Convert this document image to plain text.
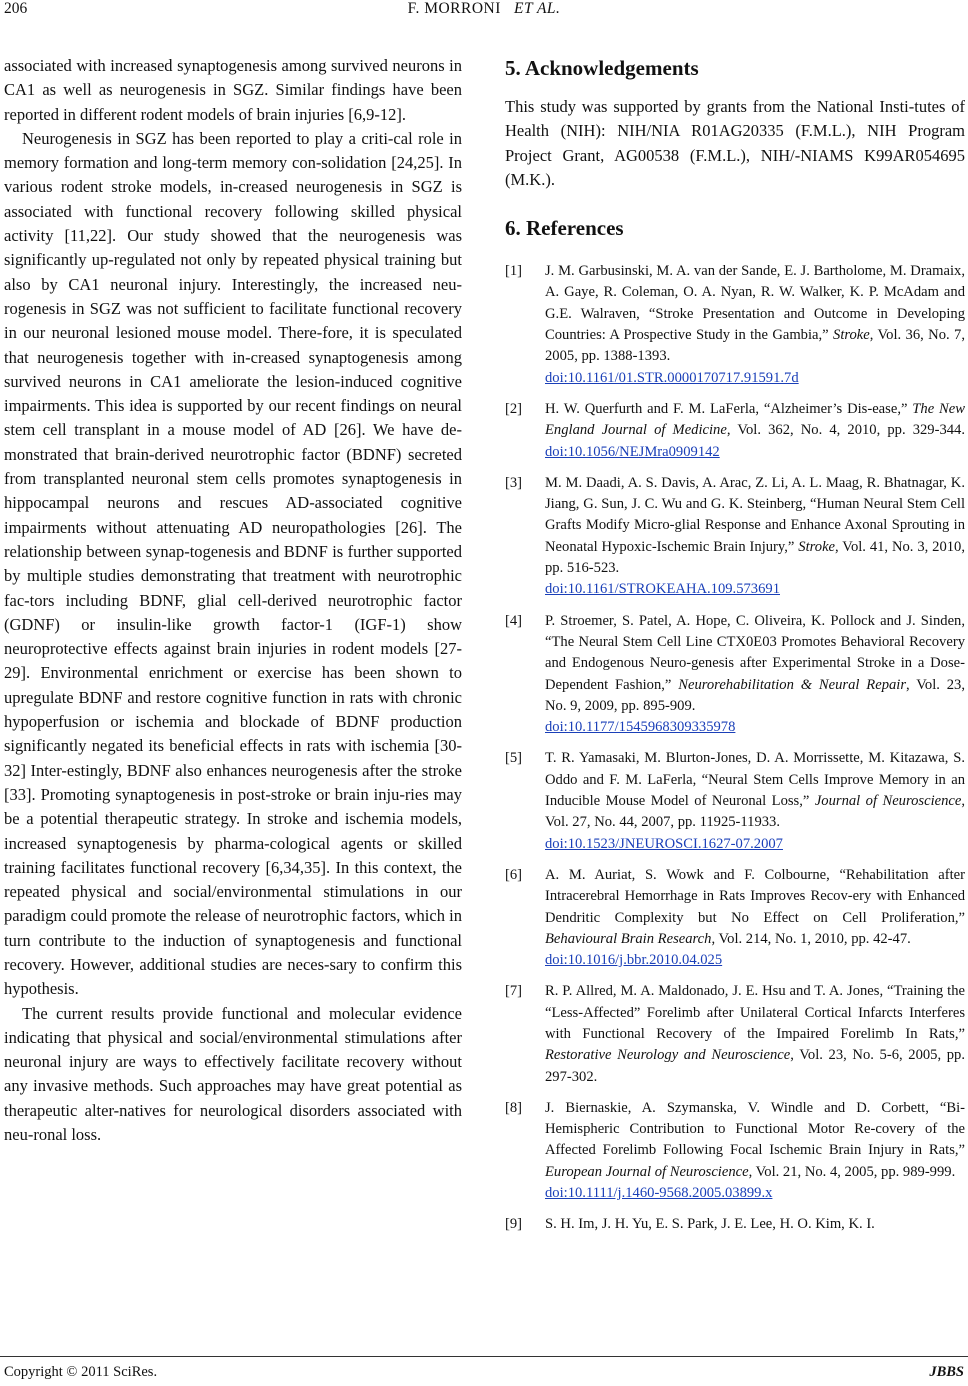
206	F. MORRONI ET AL.

associated with increased synaptogenesis among survived neurons in CA1 as well as neurogenesis in SGZ. Similar findings have been reported in different rodent models of brain injuries [6,9-12].

Neurogenesis in SGZ has been reported to play a criti-cal role in memory formation and long-term memory con-solidation [24,25]. In various rodent stroke models, in-creased neurogenesis in SGZ is associated with functional recovery following skilled physical activity [11,22]. Our study showed that the neurogenesis was significantly up-regulated not only by repeated physical training but also by CA1 neuronal injury. Interestingly, the increased neu-rogenesis in SGZ was not sufficient to facilitate functional recovery in our neuronal lesioned mouse model. There-fore, it is speculated that neurogenesis together with in-creased synaptogenesis among survived neurons in CA1 ameliorate the lesion-induced cognitive impairments. This idea is supported by our recent findings on neural stem cell transplant in a mouse model of AD [26]. We have de-monstrated that brain-derived neurotrophic factor (BDNF) secreted from transplanted neuronal stem cells promotes synaptogenesis in hippocampal neurons and rescues AD-associated cognitive impairments without attenuating AD neuropathologies [26]. The relationship between synap-togenesis and BDNF is further supported by multiple studies demonstrating that treatment with neurotrophic fac-tors including BDNF, glial cell-derived neurotrophic factor (GDNF) or insulin-like growth factor-1 (IGF-1) show neuroprotective effects against brain injuries in rodent models [27-29]. Environmental enrichment or exercise has been shown to upregulate BDNF and restore cognitive function in rats with chronic hypoperfusion or ischemia and blockade of BDNF production significantly negated its beneficial effects in rats with ischemia [30-32] Inter-estingly, BDNF also enhances neurogenesis after the stroke [33]. Promoting synaptogenesis in post-stroke or brain inju-ries may be a potential therapeutic strategy. In stroke and ischemia models, increased synaptogenesis by pharma-cological agents or skilled training facilitates functional recovery [6,34,35]. In this context, the repeated physical and social/environmental stimulations in our paradigm could promote the release of neurotrophic factors, which in turn contribute to the induction of synaptogenesis and functional recovery. However, additional studies are neces-sary to confirm this hypothesis.

The current results provide functional and molecular evidence indicating that physical and social/environmental stimulations after neuronal injury are ways to effectively facilitate recovery without any invasive methods. Such approaches may have great potential as therapeutic alter-natives for neurological disorders associated with neu-ronal loss.

5. Acknowledgements

This study was supported by grants from the National Insti-tutes of Health (NIH): NIH/NIA R01AG20335 (F.M.L.), NIH Program Project Grant, AG00538 (F.M.L.), NIH/-NIAMS K99AR054695 (M.K.).

6. References
[1]	J. M. Garbusinski, M. A. van der Sande, E. J. Bartholome, M. Dramaix, A. Gaye, R. Coleman, O. A. Nyan, R. W. Walker, K. P. McAdam and G.E. Walraven, “Stroke Presentation and Outcome in Developing Countries: A Prospective Study in the Gambia,” Stroke, Vol. 36, No. 7, 2005, pp. 1388-1393.
doi:10.1161/01.STR.0000170717.91591.7d
[2]	H. W. Querfurth and F. M. LaFerla, “Alzheimer’s Dis-ease,” The New England Journal of Medicine, Vol. 362, No. 4, 2010, pp. 329-344. doi:10.1056/NEJMra0909142
[3]	M. M. Daadi, A. S. Davis, A. Arac, Z. Li, A. L. Maag, R. Bhatnagar, K. Jiang, G. Sun, J. C. Wu and G. K. Steinberg, “Human Neural Stem Cell Grafts Modify Micro-glial Response and Enhance Axonal Sprouting in Neonatal Hypoxic-Ischemic Brain Injury,” Stroke, Vol. 41, No. 3, 2010, pp. 516-523.
doi:10.1161/STROKEAHA.109.573691
[4]	P. Stroemer, S. Patel, A. Hope, C. Oliveira, K. Pollock and J. Sinden, “The Neural Stem Cell Line CTX0E03 Promotes Behavioral Recovery and Endogenous Neuro-genesis after Experimental Stroke in a Dose-Dependent Fashion,” Neurorehabilitation & Neural Repair, Vol. 23, No. 9, 2009, pp. 895-909.
doi:10.1177/1545968309335978
[5]	T. R. Yamasaki, M. Blurton-Jones, D. A. Morrissette, M. Kitazawa, S. Oddo and F. M. LaFerla, “Neural Stem Cells Improve Memory in an Inducible Mouse Model of Neuronal Loss,” Journal of Neuroscience, Vol. 27, No. 44, 2007, pp. 11925-11933.
doi:10.1523/JNEUROSCI.1627-07.2007
[6]	A. M. Auriat, S. Wowk and F. Colbourne, “Rehabilitation after Intracerebral Hemorrhage in Rats Improves Recov-ery with Enhanced Dendritic Complexity but No Effect on Cell Proliferation,” Behavioural Brain Research, Vol. 214, No. 1, 2010, pp. 42-47.
doi:10.1016/j.bbr.2010.04.025
[7]	R. P. Allred, M. A. Maldonado, J. E. Hsu and T. A. Jones, “Training the “Less-Affected” Forelimb after Unilateral Cortical Infarcts Interferes with Functional Recovery of the Impaired Forelimb In Rats,” Restorative Neurology and Neuroscience, Vol. 23, No. 5-6, 2005, pp. 297-302.
[8]	J. Biernaskie, A. Szymanska, V. Windle and D. Corbett, “Bi-Hemispheric Contribution to Functional Motor Re-covery of the Affected Forelimb Following Focal Ischemic Brain Injury in Rats,” European Journal of Neuroscience, Vol. 21, No. 4, 2005, pp. 989-999.
doi:10.1111/j.1460-9568.2005.03899.x
[9]	S. H. Im, J. H. Yu, E. S. Park, J. E. Lee, H. O. Kim, K. I.
Copyright © 2011 SciRes.	JBBS
